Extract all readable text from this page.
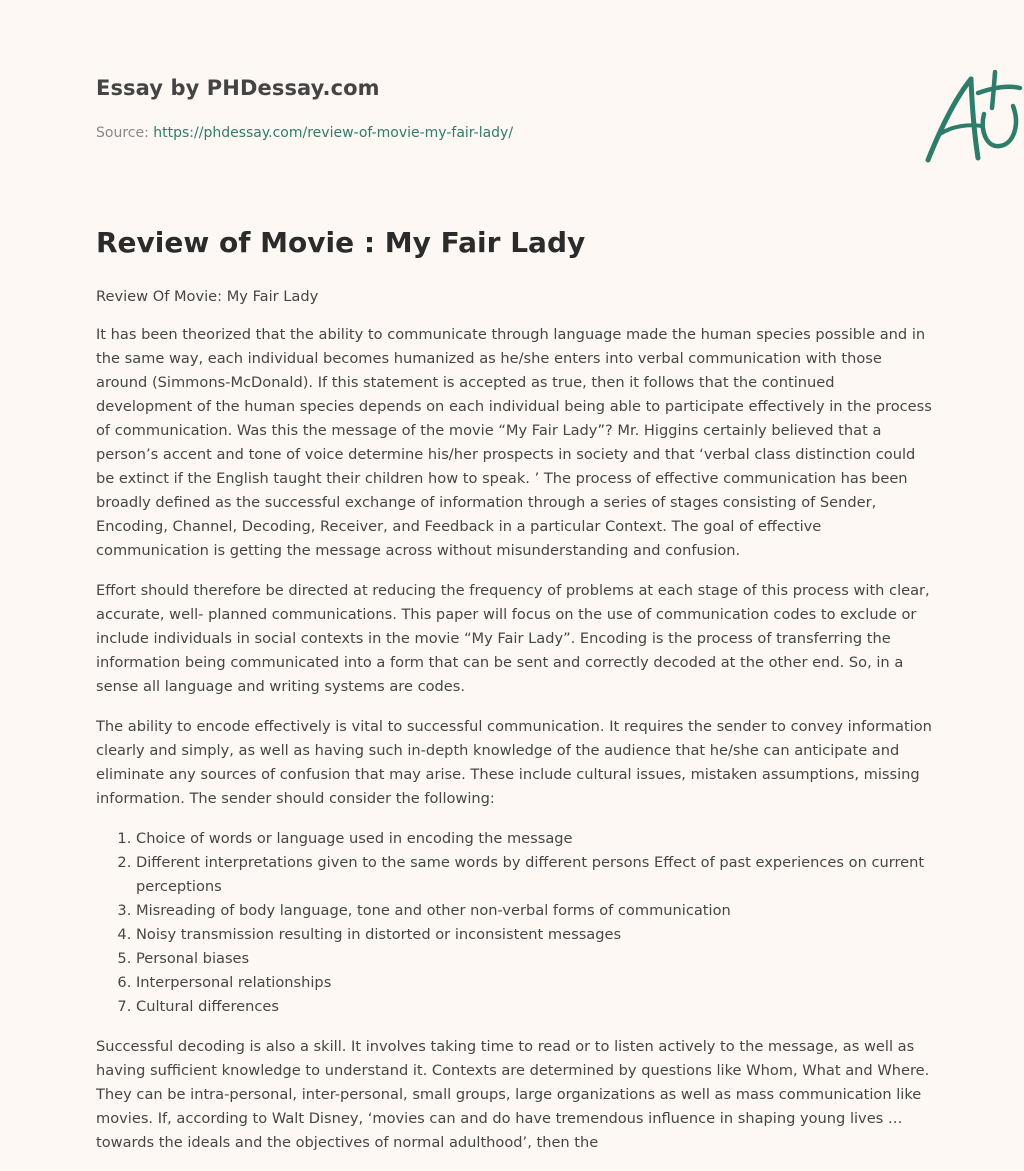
Essay by PHDessay.com
Source: https://phdessay.com/review-of-movie-my-fair-lady/
Review of Movie : My Fair Lady

Review Of Movie: My Fair Lady

It has been theorized that the ability to communicate through language made the human species possible and in the same way, each individual becomes humanized as he/she enters into verbal communication with those around (Simmons-McDonald). If this statement is accepted as true, then it follows that the continued development of the human species depends on each individual being able to participate effectively in the process of communication. Was this the message of the movie “My Fair Lady”? Mr. Higgins certainly believed that a person’s accent and tone of voice determine his/her prospects in society and that ‘verbal class distinction could be extinct if the English taught their children how to speak. ’ The process of effective communication has been broadly defined as the successful exchange of information through a series of stages consisting of Sender, Encoding, Channel, Decoding, Receiver, and Feedback in a particular Context. The goal of effective communication is getting the message across without misunderstanding and confusion.

Effort should therefore be directed at reducing the frequency of problems at each stage of this process with clear, accurate, well- planned communications. This paper will focus on the use of communication codes to exclude or include individuals in social contexts in the movie “My Fair Lady”. Encoding is the process of transferring the information being communicated into a form that can be sent and correctly decoded at the other end. So, in a sense all language and writing systems are codes.

The ability to encode effectively is vital to successful communication. It requires the sender to convey information clearly and simply, as well as having such in-depth knowledge of the audience that he/she can anticipate and eliminate any sources of confusion that may arise. These include cultural issues, mistaken assumptions, missing information. The sender should consider the following:

1. Choice of words or language used in encoding the message
2. Different interpretations given to the same words by different persons Effect of past experiences on current perceptions
3. Misreading of body language, tone and other non-verbal forms of communication
4. Noisy transmission resulting in distorted or inconsistent messages
5. Personal biases
6. Interpersonal relationships
7. Cultural differences

Successful decoding is also a skill. It involves taking time to read or to listen actively to the message, as well as having sufficient knowledge to understand it. Contexts are determined by questions like Whom, What and Where. They can be intra-personal, inter-personal, small groups, large organizations as well as mass communication like movies. If, according to Walt Disney, ‘movies can and do have tremendous influence in shaping young lives … towards the ideals and the objectives of normal adulthood’, then the
